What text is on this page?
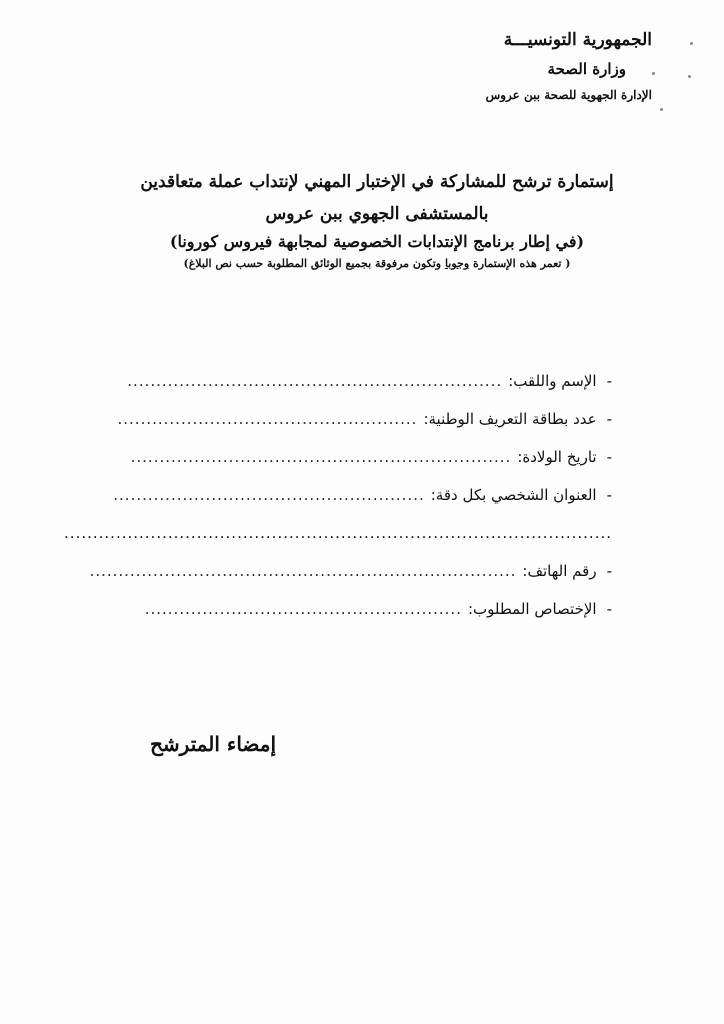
الجمهورية التونسيـــة
وزارة الصحة
الإدارة الجهوية للصحة ببن عروس
إستمارة ترشح للمشاركة في الإختبار المهني لإنتداب عملة متعاقدين
بالمستشفى الجهوي ببن عروس
(في إطار برنامج الإنتدابات الخصوصية لمجابهة فيروس كورونا)
( تعمر هذه الإستمارة وجوبا وتكون مرفوقة بجميع الوثائق المطلوبة حسب نص البلاغ)
-
الإسم واللقب:
.................................................................
-
عدد بطاقة التعريف الوطنية:
....................................................
-
تاريخ الولادة:
..................................................................
-
العنوان الشخصي بكل دقة:
......................................................
...............................................................................................
-
رقم الهاتف:
..........................................................................
-
الإختصاص المطلوب:
.......................................................
إمضاء المترشح
